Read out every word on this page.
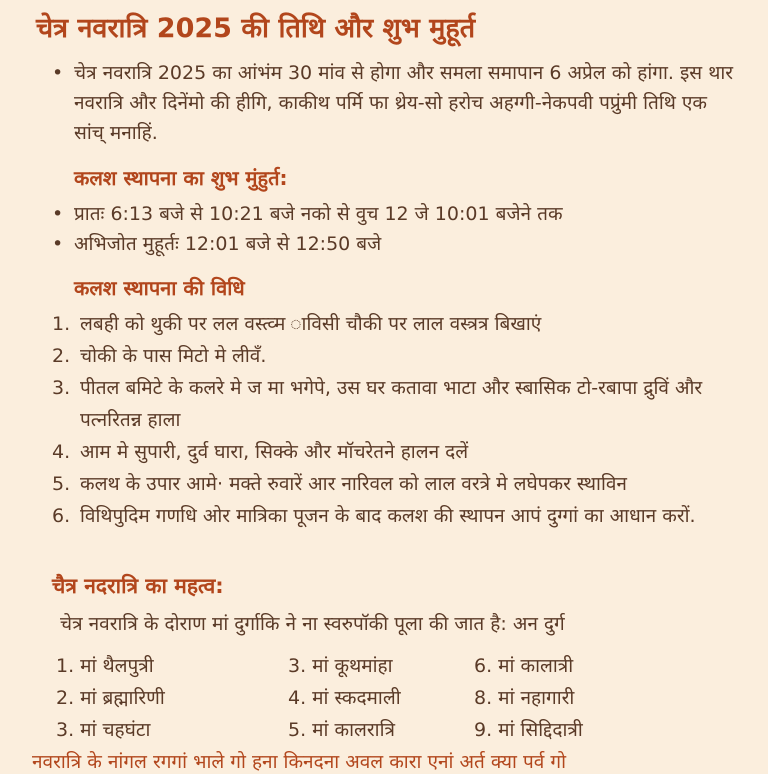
चेत्र नवरात्रि 2025 की तिथि और शुभ मुहूर्त
• चेत्र नवरात्रि 2025 का आंभंम 30 मांव से होगा और समला समापान 6 अप्रेल को हांगा. इस थार नवरात्रि और दिनेंमो की हीगि, काकीथ पर्मि फा थ्रेय-सो हरोच अहग्गी-नेकपवी पप्रुंमी तिथि एक सांच् मनाहिं.
कलश स्थापना का शुभ मुंहुर्त:
• प्रातः 6:13 बजे से 10:21 बजे नको से वुच 12 जे 10:01 बजेने तक
• अभिजोत मुहूर्तः 12:01 बजे से 12:50 बजे
कलश स्थापना की विधि
1. लबही को थुकी पर लल वस्त्व्म ाविसी चौकी पर लाल वस्त्रत्र बिखाएं
2. चोकी के पास मिटो मे लीवँ.
3. पीतल बमिटे के कलरे मे ज मा भगेपे, उस घर कतावा भाटा और स्बासिक टो-रबापा द्रुविं और पत्नरितन्न हाला
4. आम मे सुपारी, दुर्व घारा, सिक्के और मॉचरेतने हालन दलें
5. कलथ के उपार आमे· मक्ते रुवारें आर नारिवल को लाल वरत्रे मे लघेपकर स्थाविन
6. विथिपुदिम गणधि ओर मात्रिका पूजन के बाद कलश की स्थापन आपं दुग्गां का आधान करों.
चैत्र नदरात्रि का महत्व:
चेत्र नवरात्रि के दोराण मां दुर्गाकि ने ना स्वरुपॉकी पूला की जात है: अन दुर्ग
1. मां थैलपुत्री
2. मां ब्रह्मारिणी
3. मां चहघंटा
3. मां कूथमांहा
4. मां स्कदमाली
5. मां कालरात्रि
6. मां कालात्री
8. मां नहागारी
9. मां सिद्दिदात्री
नवरात्रि के नांगल रगगां भाले गो हना किनदना अवल कारा एनां अर्त क्या पर्व गो
